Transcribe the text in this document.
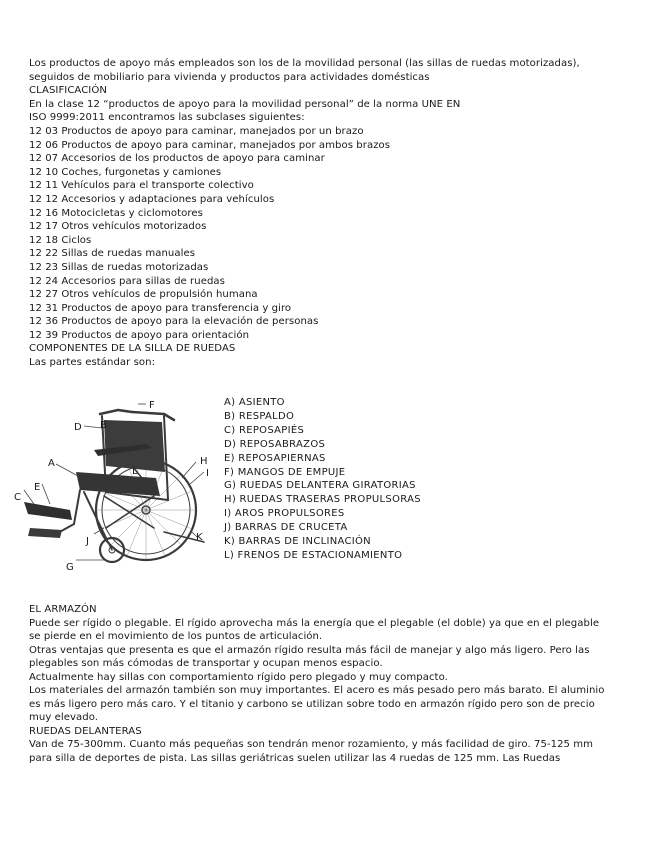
Los productos de apoyo más empleados son los de la movilidad personal (las sillas de ruedas motorizadas),
seguidos de mobiliario para vivienda y productos para actividades domésticas
CLASIFICACIÓN
En la clase 12 “productos de apoyo para la movilidad personal” de la norma UNE EN
ISO 9999:2011 encontramos las subclases siguientes:
12 03 Productos de apoyo para caminar, manejados por un brazo
12 06 Productos de apoyo para caminar, manejados por ambos brazos
12 07 Accesorios de los productos de apoyo para caminar
12 10 Coches, furgonetas y camiones
12 11 Vehículos para el transporte colectivo
12 12 Accesorios y adaptaciones para vehículos
12 16 Motocicletas y ciclomotores
12 17 Otros vehículos motorizados
12 18 Ciclos
12 22 Sillas de ruedas manuales
12 23 Sillas de ruedas motorizadas
12 24 Accesorios para sillas de ruedas
12 27 Otros vehículos de propulsión humana
12 31 Productos de apoyo para transferencia y giro
12 36 Productos de apoyo para la elevación de personas
12 39 Productos de apoyo para orientación
COMPONENTES DE LA SILLA DE RUEDAS
Las partes estándar son:
F
D B
A	H
I
L
C
E
J	K
G
A) ASIENTO
B) RESPALDO
C) REPOSAPIÉS
D) REPOSABRAZOS
E) REPOSAPIERNAS
F) MANGOS DE EMPUJE
G) RUEDAS DELANTERA GIRATORIAS
H) RUEDAS TRASERAS PROPULSORAS
I) AROS PROPULSORES
J) BARRAS DE CRUCETA
K) BARRAS DE INCLINACIÓN
L) FRENOS DE ESTACIONAMIENTO
EL ARMAZÓN
Puede ser rígido o plegable. El rígido aprovecha más la energía que el plegable (el doble) ya que en el plegable
se pierde en el movimiento de los puntos de articulación.
Otras ventajas que presenta es que el armazón rígido resulta más fácil de manejar y algo más ligero. Pero las
plegables son más cómodas de transportar y ocupan menos espacio.
Actualmente hay sillas con comportamiento rígido pero plegado y muy compacto.
Los materiales del armazón también son muy importantes. El acero es más pesado pero más barato. El aluminio
es más ligero pero más caro. Y el titanio y carbono se utilizan sobre todo en armazón rígido pero son de precio
muy elevado.
RUEDAS DELANTERAS
Van de 75-300mm. Cuanto más pequeñas son tendrán menor rozamiento, y más facilidad de giro. 75-125 mm
para silla de deportes de pista. Las sillas geriátricas suelen utilizar las 4 ruedas de 125 mm. Las Ruedas
